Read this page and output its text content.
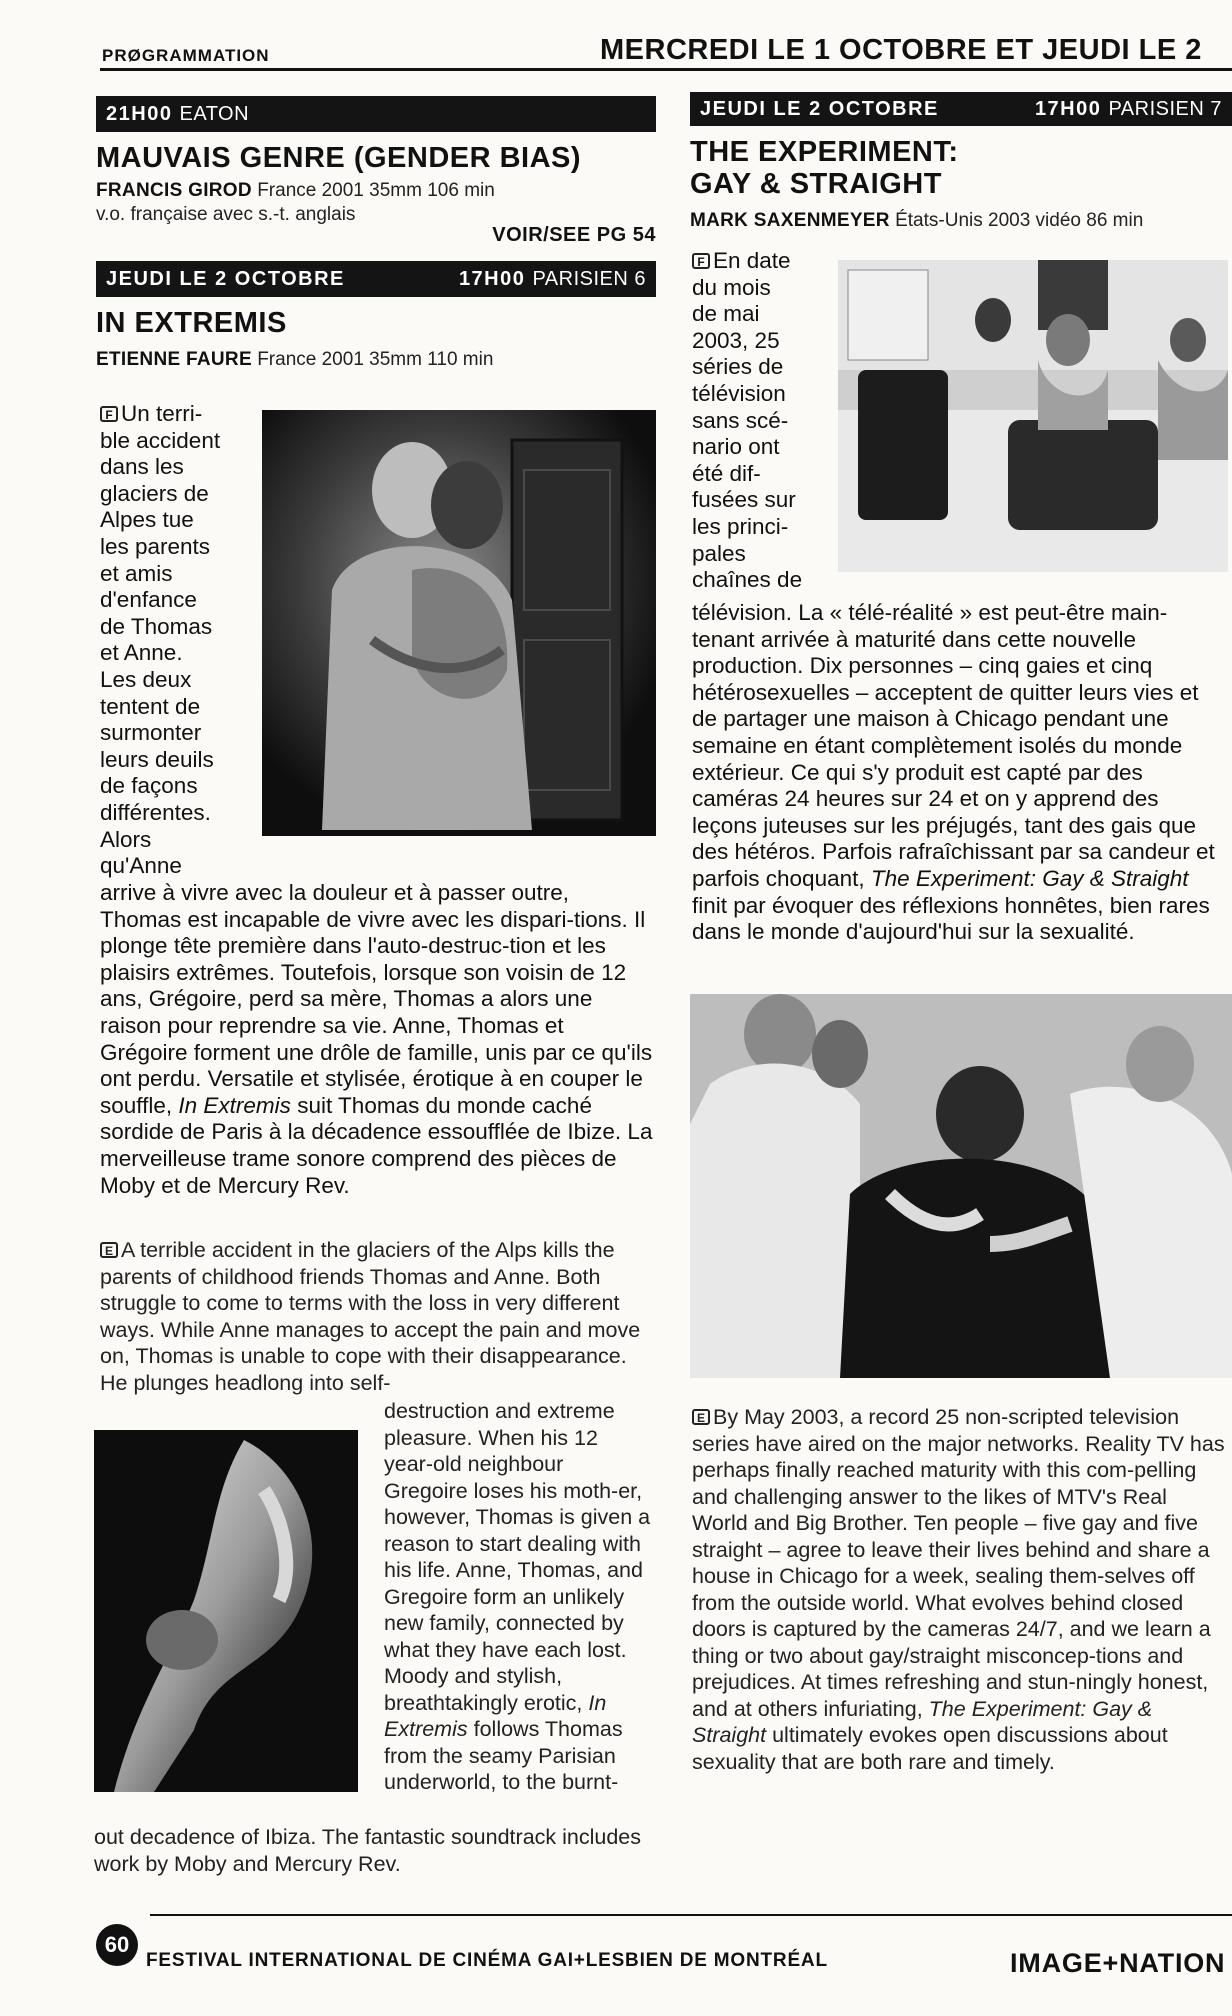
PRØGRAMMATION	MERCREDI LE 1 OCTOBRE ET JEUDI LE 2
21H00 EATON
MAUVAIS GENRE (GENDER BIAS)
FRANCIS GIROD France 2001 35mm 106 min
v.o. française avec s.-t. anglais
VOIR/SEE PG 54
JEUDI LE 2 OCTOBRE	17H00 PARISIEN 6
IN EXTREMIS
ETIENNE FAURE France 2001 35mm 110 min
F Un terri-
ble accident
dans les
glaciers de
Alpes tue
les parents
et amis
d'enfance
de Thomas
et Anne.
Les deux
tentent de
surmonter
leurs deuils
de façons
différentes.
Alors
qu'Anne
arrive à vivre avec la douleur et à passer outre, Thomas est incapable de vivre avec les dispari-tions. Il plonge tête première dans l'auto-destruc-tion et les plaisirs extrêmes. Toutefois, lorsque son voisin de 12 ans, Grégoire, perd sa mère, Thomas a alors une raison pour reprendre sa vie. Anne, Thomas et Grégoire forment une drôle de famille, unis par ce qu'ils ont perdu. Versatile et stylisée, érotique à en couper le souffle, In Extremis suit Thomas du monde caché sordide de Paris à la décadence essoufflée de Ibize. La merveilleuse trame sonore comprend des pièces de Moby et de Mercury Rev.
E A terrible accident in the glaciers of the Alps kills the parents of childhood friends Thomas and Anne. Both struggle to come to terms with the loss in very different ways. While Anne manages to accept the pain and move on, Thomas is unable to cope with their disappearance. He plunges headlong into self-
destruction and extreme pleasure. When his 12 year-old neighbour Gregoire loses his moth-er, however, Thomas is given a reason to start dealing with his life. Anne, Thomas, and Gregoire form an unlikely new family, connected by what they have each lost. Moody and stylish, breathtakingly erotic, In Extremis follows Thomas from the seamy Parisian underworld, to the burnt-
out decadence of Ibiza. The fantastic soundtrack includes work by Moby and Mercury Rev.
JEUDI LE 2 OCTOBRE	17H00 PARISIEN 7
THE EXPERIMENT:
GAY & STRAIGHT
MARK SAXENMEYER États-Unis 2003 vidéo 86 min
F En date
du mois
de mai
2003, 25
séries de
télévision
sans scé-
nario ont
été dif-
fusées sur
les princi-
pales
chaînes de
télévision. La « télé-réalité » est peut-être main-tenant arrivée à maturité dans cette nouvelle production. Dix personnes – cinq gaies et cinq hétérosexuelles – acceptent de quitter leurs vies et de partager une maison à Chicago pendant une semaine en étant complètement isolés du monde extérieur. Ce qui s'y produit est capté par des caméras 24 heures sur 24 et on y apprend des leçons juteuses sur les préjugés, tant des gais que des hétéros. Parfois rafraîchissant par sa candeur et parfois choquant, The Experiment: Gay & Straight finit par évoquer des réflexions honnêtes, bien rares dans le monde d'aujourd'hui sur la sexualité.
E By May 2003, a record 25 non-scripted television series have aired on the major networks. Reality TV has perhaps finally reached maturity with this com-pelling and challenging answer to the likes of MTV's Real World and Big Brother. Ten people – five gay and five straight – agree to leave their lives behind and share a house in Chicago for a week, sealing them-selves off from the outside world. What evolves behind closed doors is captured by the cameras 24/7, and we learn a thing or two about gay/straight misconcep-tions and prejudices. At times refreshing and stun-ningly honest, and at others infuriating, The Experiment: Gay & Straight ultimately evokes open discussions about sexuality that are both rare and timely.
60
FESTIVAL INTERNATIONAL DE CINÉMA GAI+LESBIEN DE MONTRÉAL	IMAGE+NATION
